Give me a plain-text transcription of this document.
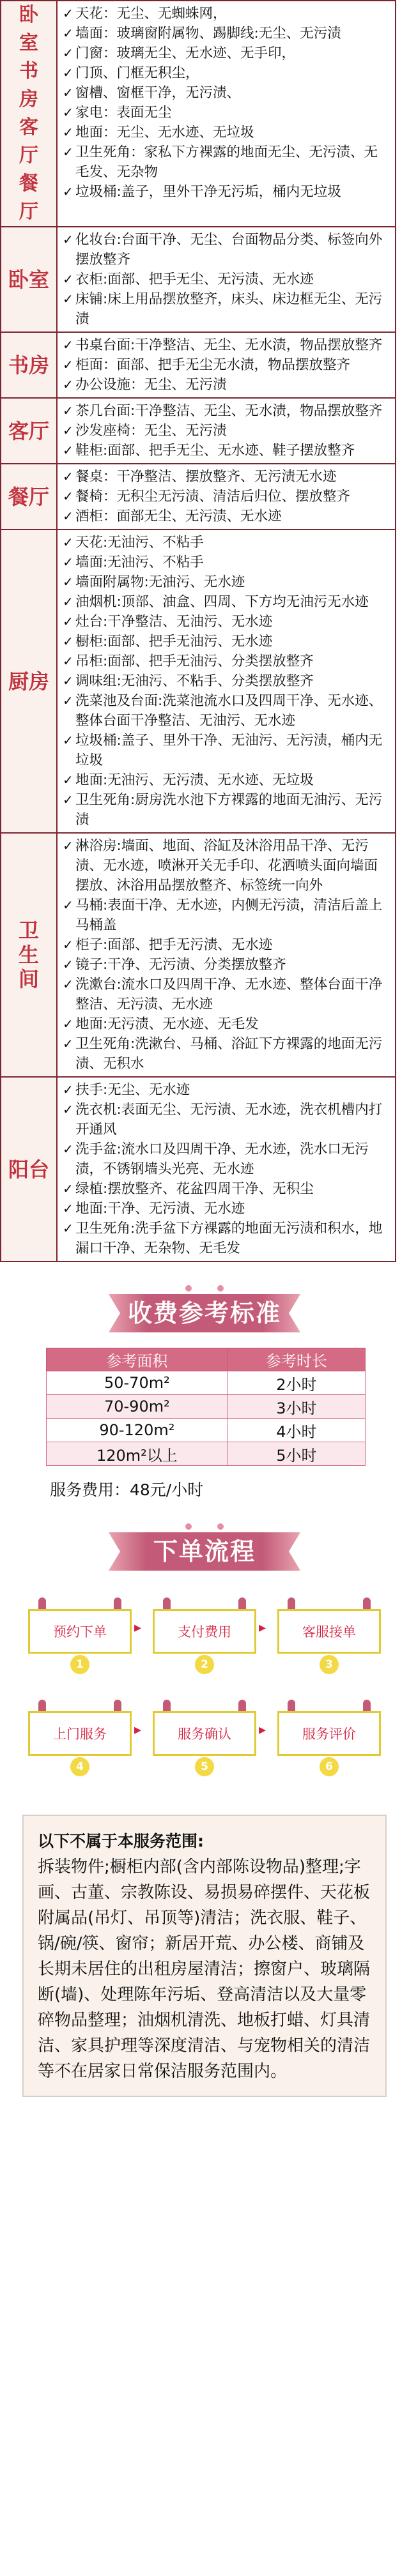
卧室书房客厅餐厅
✓ 天花：无尘、无蜘蛛网，
✓ 墙面：玻璃窗附属物、踢脚线:无尘、无污渍
✓ 门窗：玻璃无尘、无水迹、无手印，
✓ 门顶、门框无积尘，
✓ 窗槽、窗框干净，无污渍、
✓ 家电：表面无尘
✓ 地面：无尘、无水迹、无垃圾
✓ 卫生死角：家私下方裸露的地面无尘、无污渍、无毛发、无杂物
✓ 垃圾桶:盖子，里外干净无污垢，桶内无垃圾
卧室
✓ 化妆台:台面干净、无尘、台面物品分类、标签向外摆放整齐
✓ 衣柜:面部、把手无尘、无污渍、无水迹
✓ 床铺:床上用品摆放整齐，床头、床边框无尘、无污渍
书房
✓ 书桌台面:干净整洁、无尘、无水渍，物品摆放整齐
✓ 柜面：面部、把手无尘无水渍，物品摆放整齐
✓ 办公设施：无尘、无污渍
客厅
✓ 茶几台面:干净整洁、无尘、无水渍，物品摆放整齐
✓ 沙发座椅：无尘、无污渍
✓ 鞋柜:面部、把手无尘、无水迹、鞋子摆放整齐
餐厅
✓ 餐桌：干净整洁、摆放整齐、无污渍无水迹
✓ 餐椅：无积尘无污渍、清洁后归位、摆放整齐
✓ 酒柜：面部无尘、无污渍、无水迹
厨房
✓ 天花:无油污、不粘手
✓ 墙面:无油污、不粘手
✓ 墙面附属物:无油污、无水迹
✓ 油烟机:顶部、油盒、四周、下方均无油污无水迹
✓ 灶台:干净整洁、无油污、无水迹
✓ 橱柜:面部、把手无油污、无水迹
✓ 吊柜:面部、把手无油污、分类摆放整齐
✓ 调味组:无油污、不粘手、分类摆放整齐
✓ 洗菜池及台面:洗菜池流水口及四周干净、无水迹、整体台面干净整洁、无油污、无水迹
✓ 垃圾桶:盖子、里外干净、无油污、无污渍，桶内无垃圾
✓ 地面:无油污、无污渍、无水迹、无垃圾
✓ 卫生死角:厨房洗水池下方裸露的地面无油污、无污渍
卫生间
✓ 淋浴房:墙面、地面、浴缸及沐浴用品干净、无污渍、无水迹，喷淋开关无手印、花洒喷头面向墙面摆放、沐浴用品摆放整齐、标签统一向外
✓ 马桶:表面干净、无水迹，内侧无污渍，清洁后盖上马桶盖
✓ 柜子:面部、把手无污渍、无水迹
✓ 镜子:干净、无污渍、分类摆放整齐
✓ 洗漱台:流水口及四周干净、无水迹、整体台面干净整洁、无污渍、无水迹
✓ 地面:无污渍、无水迹、无毛发
✓ 卫生死角:洗漱台、马桶、浴缸下方裸露的地面无污渍、无积水
阳台
✓ 扶手:无尘、无水迹
✓ 洗衣机:表面无尘、无污渍、无水迹，洗衣机槽内打开通风
✓ 洗手盆:流水口及四周干净、无水迹，洗水口无污渍，不锈钢墙头光亮、无水迹
✓ 绿植:摆放整齐、花盆四周干净、无积尘
✓ 地面:干净、无污渍、无水迹
✓ 卫生死角:洗手盆下方裸露的地面无污渍和积水，地漏口干净、无杂物、无毛发
收费参考标准
参考面积	参考时长
50-70m²	2小时
70-90m²	3小时
90-120m²	4小时
120m²以上	5小时
服务费用：48元/小时
下单流程
预约下单
1
▸	支付费用
2
▸	客服接单
3
上门服务
4
▸	服务确认
5
▸	服务评价
6
以下不属于本服务范围:
拆装物件;橱柜内部(含内部陈设物品)整理;字画、古董、宗教陈设、易损易碎摆件、天花板附属品(吊灯、吊顶等)清洁；洗衣服、鞋子、锅/碗/筷、窗帘；新居开荒、办公楼、商铺及长期未居住的出租房屋清洁；擦窗户、玻璃隔断(墙)、处理陈年污垢、登高清洁以及大量零碎物品整理；油烟机清洗、地板打蜡、灯具清洁、家具护理等深度清洁、与宠物相关的清洁等不在居家日常保洁服务范围内。
